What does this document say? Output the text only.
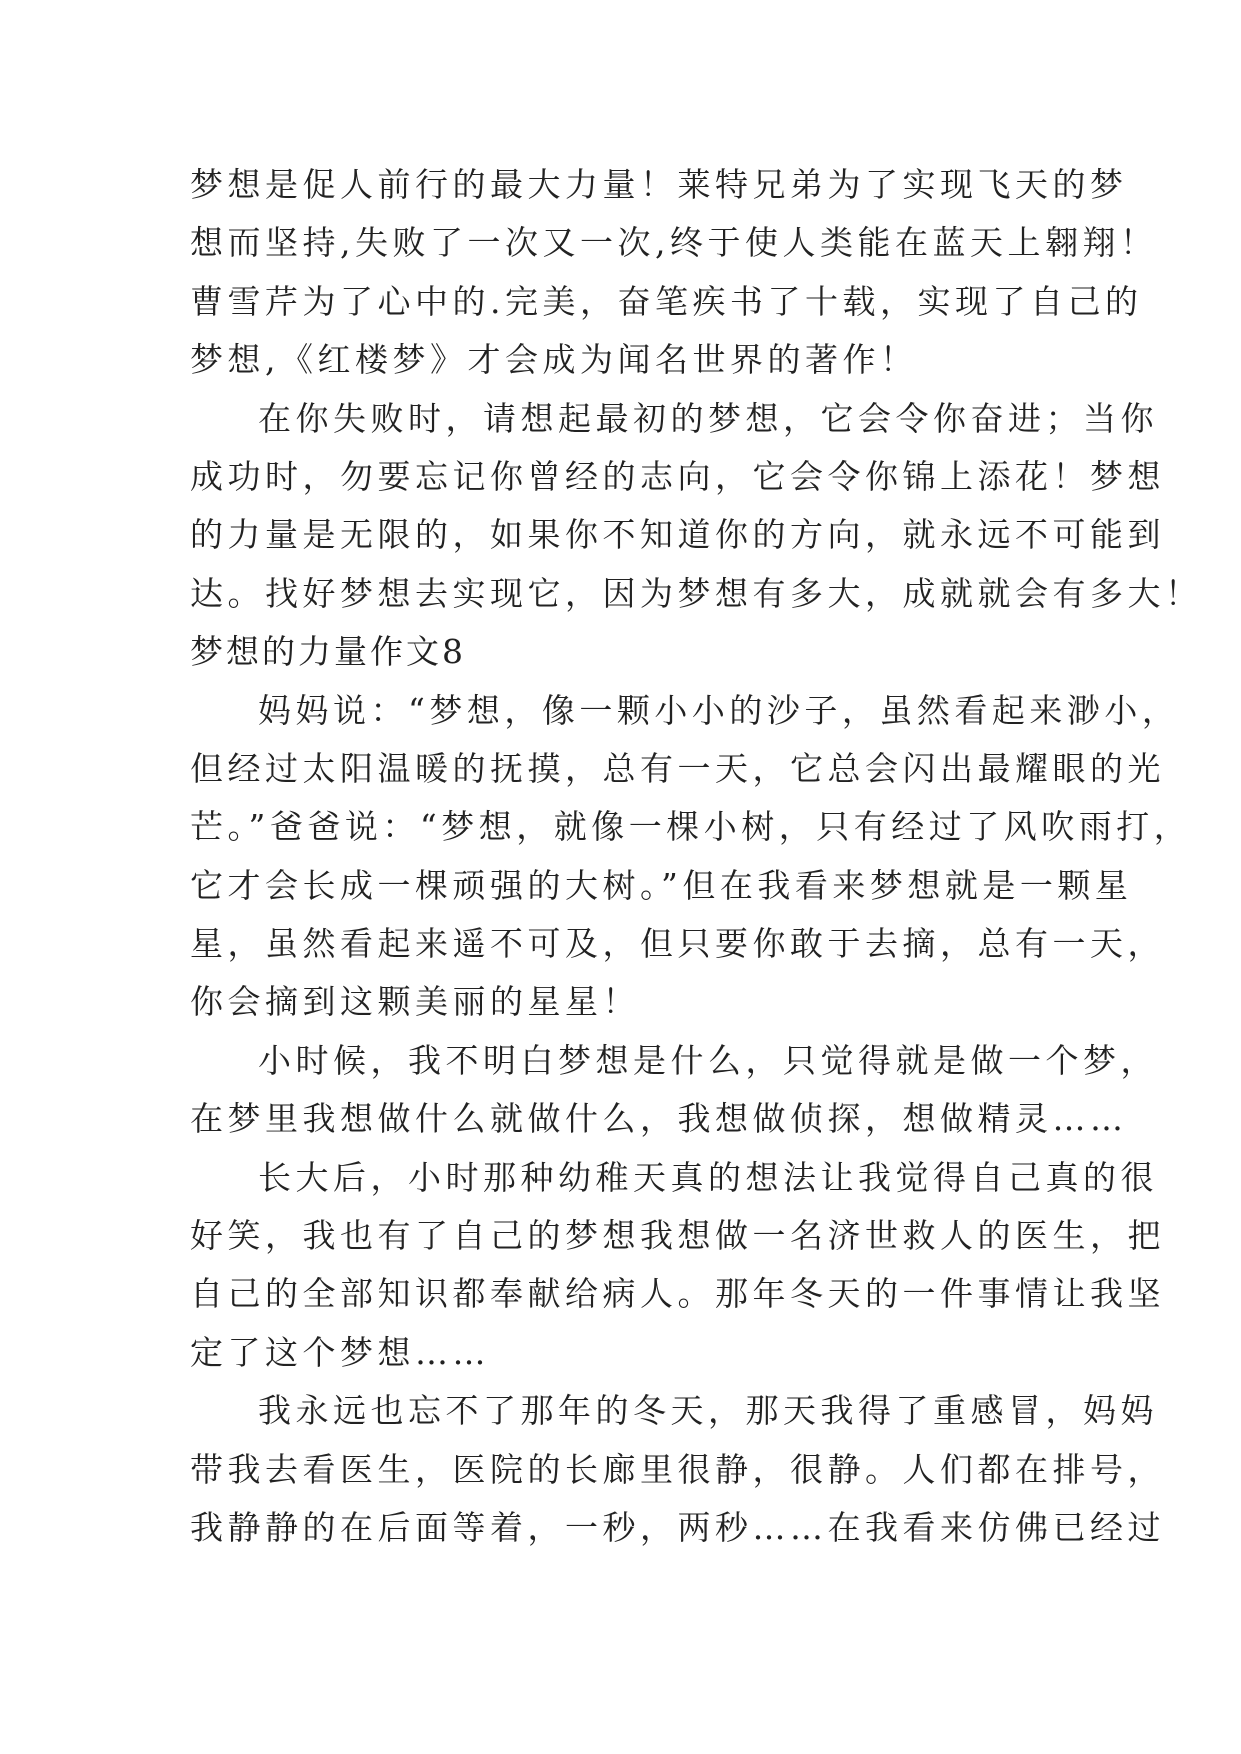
梦想是促人前行的最大力量！莱特兄弟为了实现飞天的梦
想而坚持,失败了一次又一次,终于使人类能在蓝天上翱翔！
曹雪芹为了心中的.完美，奋笔疾书了十载，实现了自己的
梦想,《红楼梦》才会成为闻名世界的著作！
在你失败时，请想起最初的梦想，它会令你奋进；当你
成功时，勿要忘记你曾经的志向，它会令你锦上添花！梦想
的力量是无限的，如果你不知道你的方向，就永远不可能到
达。找好梦想去实现它，因为梦想有多大，成就就会有多大！
梦想的力量作文8
妈妈说：“梦想，像一颗小小的沙子，虽然看起来渺小，
但经过太阳温暖的抚摸，总有一天，它总会闪出最耀眼的光
芒。”爸爸说：“梦想，就像一棵小树，只有经过了风吹雨打，
它才会长成一棵顽强的大树。”但在我看来梦想就是一颗星
星，虽然看起来遥不可及，但只要你敢于去摘，总有一天，
你会摘到这颗美丽的星星！
小时候，我不明白梦想是什么，只觉得就是做一个梦，
在梦里我想做什么就做什么，我想做侦探，想做精灵……
长大后，小时那种幼稚天真的想法让我觉得自己真的很
好笑，我也有了自己的梦想我想做一名济世救人的医生，把
自己的全部知识都奉献给病人。那年冬天的一件事情让我坚
定了这个梦想……
我永远也忘不了那年的冬天，那天我得了重感冒，妈妈
带我去看医生，医院的长廊里很静，很静。人们都在排号，
我静静的在后面等着，一秒，两秒……在我看来仿佛已经过
